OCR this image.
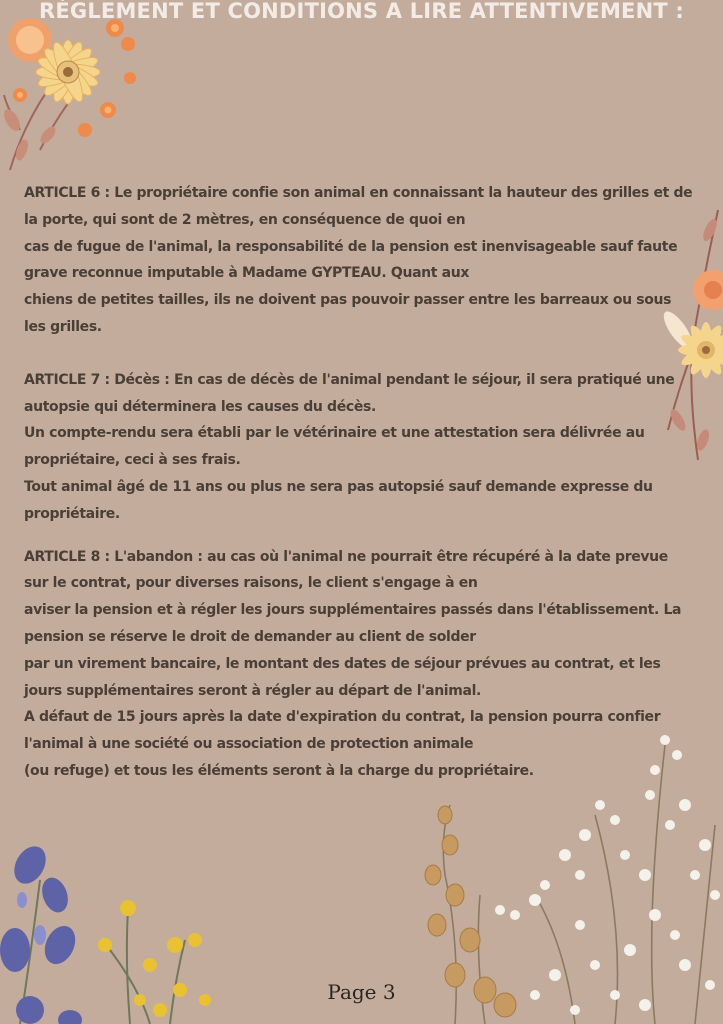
RÈGLEMENT ET CONDITIONS A LIRE ATTENTIVEMENT :

ARTICLE 6 : Le propriétaire confie son animal en connaissant la hauteur des grilles et de

la porte, qui sont de 2 mètres, en conséquence de quoi en

cas de fugue de l'animal, la responsabilité de la pension est inenvisageable sauf faute

grave reconnue imputable à Madame GYPTEAU. Quant aux

chiens de petites tailles, ils ne doivent pas pouvoir passer entre les barreaux ou sous

les grilles.

ARTICLE 7 : Décès : En cas de décès de l'animal pendant le séjour, il sera pratiqué une

autopsie qui déterminera les causes du décès.

Un compte-rendu sera établi par le vétérinaire et une attestation sera délivrée au

propriétaire, ceci à ses frais.

Tout animal âgé de 11 ans ou plus ne sera pas autopsié sauf demande expresse du

propriétaire.

ARTICLE 8 : L'abandon : au cas où l'animal ne pourrait être récupéré à la date prevue

sur le contrat, pour diverses raisons, le client s'engage à en

aviser la pension et à régler les jours supplémentaires passés dans l'établissement. La

pension se réserve le droit de demander au client de solder

par un virement bancaire, le montant des dates de séjour prévues au contrat, et les

jours supplémentaires seront à régler au départ de l'animal.

A défaut de 15 jours après la date d'expiration du contrat, la pension pourra confier

l'animal à une société ou association de protection animale

(ou refuge) et tous les éléments seront à la charge du propriétaire.

Page 3
